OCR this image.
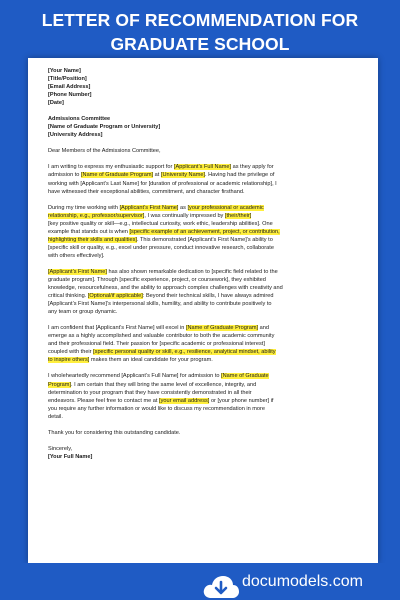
LETTER OF RECOMMENDATION FOR GRADUATE SCHOOL
[Your Name]
[Title/Position]
[Email Address]
[Phone Number]
[Date]
Admissions Committee
[Name of Graduate Program or University]
[University Address]
Dear Members of the Admissions Committee,
I am writing to express my enthusiastic support for [Applicant’s Full Name] as they apply for
admission to [Name of Graduate Program] at [University Name]. Having had the privilege of
working with [Applicant’s Last Name] for [duration of professional or academic relationship], I
have witnessed their exceptional abilities, commitment, and character firsthand.
During my time working with [Applicant’s First Name] as [your professional or academic
relationship, e.g., professor/supervisor], I was continually impressed by [their/their]
[key positive quality or skill—e.g., intellectual curiosity, work ethic, leadership abilities]. One
example that stands out is when [specific example of an achievement, project, or contribution,
highlighting their skills and qualities]. This demonstrated [Applicant’s First Name]’s ability to
[specific skill or quality, e.g., excel under pressure, conduct innovative research, collaborate
with others effectively].
[Applicant’s First Name] has also shown remarkable dedication to [specific field related to the
graduate program]. Through [specific experience, project, or coursework], they exhibited
knowledge, resourcefulness, and the ability to approach complex challenges with creativity and
critical thinking. [Optional/if applicable]: Beyond their technical skills, I have always admired
[Applicant’s First Name]’s interpersonal skills, humility, and ability to contribute positively to
any team or group dynamic.
I am confident that [Applicant’s First Name] will excel in [Name of Graduate Program] and
emerge as a highly accomplished and valuable contributor to both the academic community
and their professional field. Their passion for [specific academic or professional interest]
coupled with their [specific personal quality or skill, e.g., resilience, analytical mindset, ability
to inspire others] makes them an ideal candidate for your program.
I wholeheartedly recommend [Applicant’s Full Name] for admission to [Name of Graduate
Program]. I am certain that they will bring the same level of excellence, integrity, and
determination to your program that they have consistently demonstrated in all their
endeavors. Please feel free to contact me at [your email address] or [your phone number] if
you require any further information or would like to discuss my recommendation in more
detail.
Thank you for considering this outstanding candidate.
Sincerely,
[Your Full Name]
documodels.com
